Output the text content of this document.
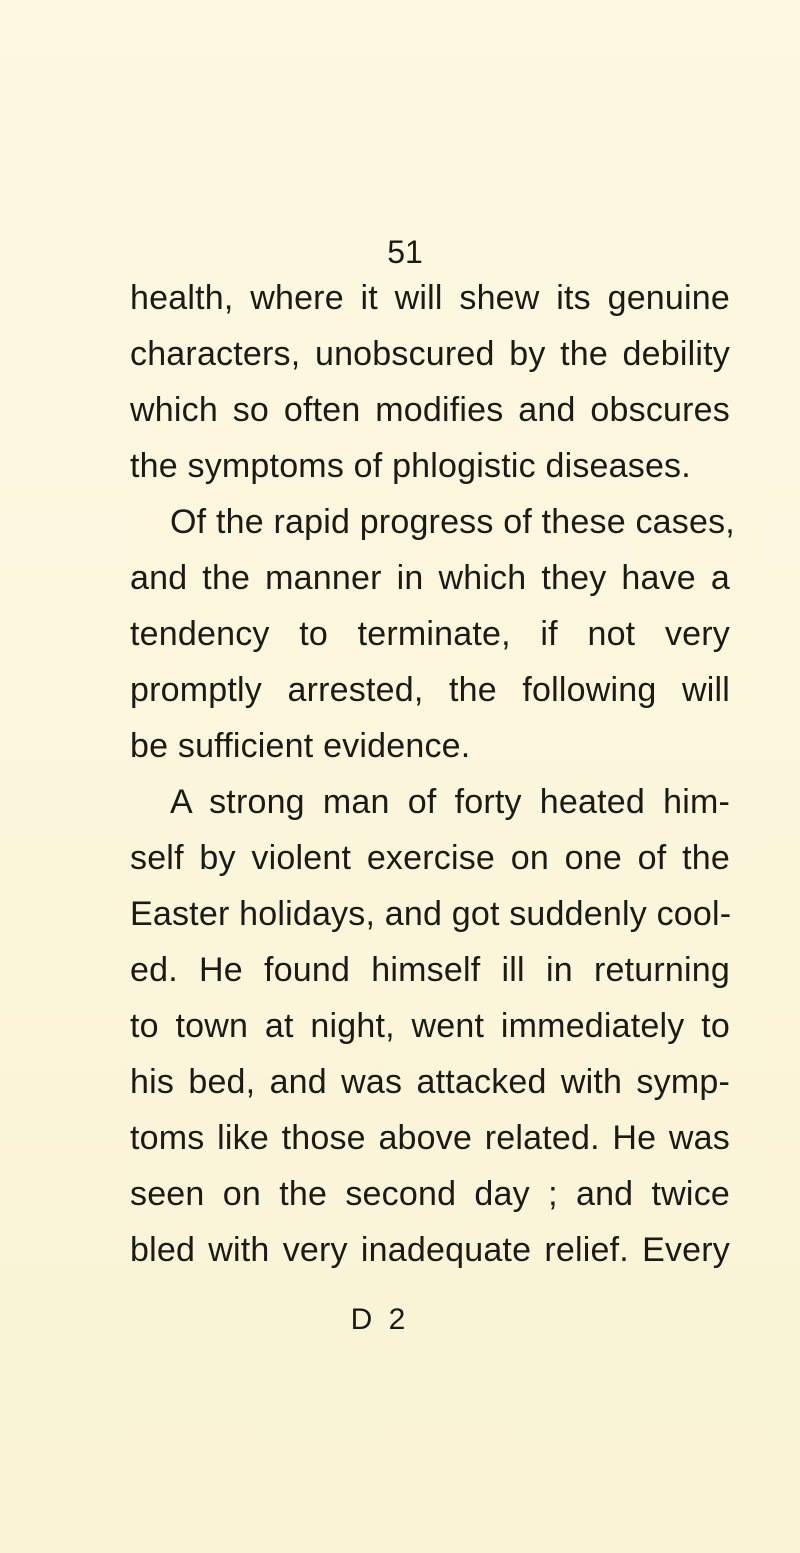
51
health, where it will shew its genuine
characters, unobscured by the debility
which so often modifies and obscures
the symptoms of phlogistic diseases.
Of the rapid progress of these cases,
and the manner in which they have a
tendency to terminate, if not very
promptly arrested, the following will
be sufficient evidence.
A strong man of forty heated him-
self by violent exercise on one of the
Easter holidays, and got suddenly cool-
ed. He found himself ill in returning
to town at night, went immediately to
his bed, and was attacked with symp-
toms like those above related. He was
seen on the second day ; and twice
bled with very inadequate relief. Every
D 2
